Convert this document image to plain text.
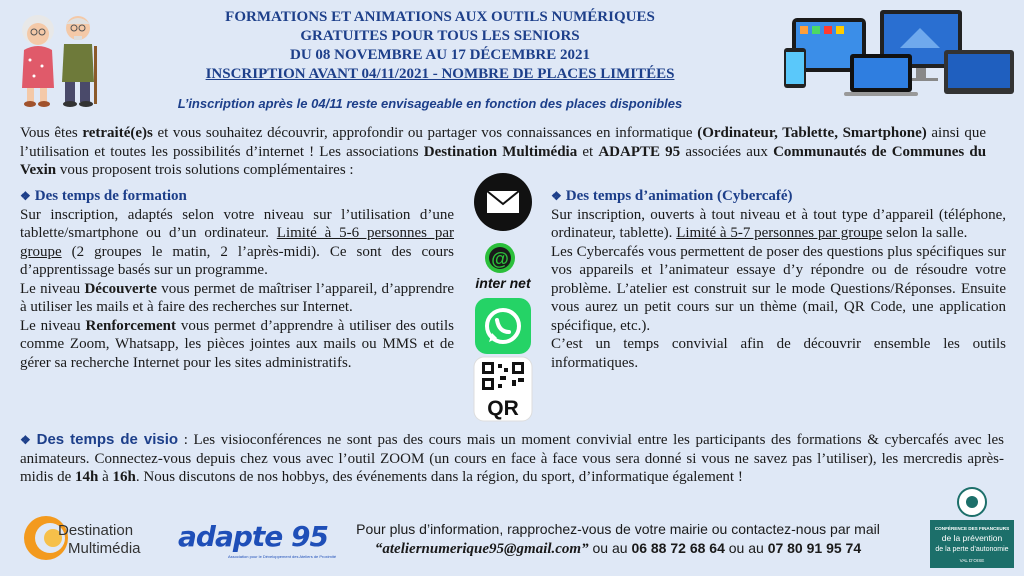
FORMATIONS ET ANIMATIONS AUX OUTILS NUMÉRIQUES
GRATUITES POUR TOUS LES SENIORS
DU 08 NOVEMBRE AU 17 DÉCEMBRE 2021
INSCRIPTION AVANT 04/11/2021 - NOMBRE DE PLACES LIMITÉES
L’inscription après le 04/11 reste envisageable en fonction des places disponibles
Vous êtes retraité(e)s et vous souhaitez découvrir, approfondir ou partager vos connaissances en informatique (Ordinateur, Tablette, Smartphone) ainsi que l’utilisation et toutes les possibilités d’internet ! Les associations Destination Multimédia et ADAPTE 95 associées aux Communautés de Communes du Vexin vous proposent trois solutions complémentaires :
❖ Des temps de formation
Sur inscription, adaptés selon votre niveau sur l’utilisation d’une tablette/smartphone ou d’un ordinateur. Limité à 5-6 personnes par groupe (2 groupes le matin, 2 l’après-midi). Ce sont des cours d’apprentissage basés sur un programme.
Le niveau Découverte vous permet de maîtriser l’appareil, d’apprendre à utiliser les mails et à faire des recherches sur Internet.
Le niveau Renforcement vous permet d’apprendre à utiliser des outils comme Zoom, Whatsapp, les pièces jointes aux mails ou MMS et de gérer sa recherche Internet pour les sites administratifs.
@
inter net
QR
❖ Des temps d’animation (Cybercafé)
Sur inscription, ouverts à tout niveau et à tout type d’appareil (téléphone, ordinateur, tablette). Limité à 5-7 personnes par groupe selon la salle.
Les Cybercafés vous permettent de poser des questions plus spécifiques sur vos appareils et l’animateur essaye d’y répondre ou de résoudre votre problème. L’atelier est construit sur le mode Questions/Réponses. Ensuite vous aurez un petit cours sur un thème (mail, QR Code, une application spécifique, etc.).
C’est un temps convivial afin de découvrir ensemble les outils informatiques.
❖ Des temps de visio : Les visioconférences ne sont pas des cours mais un moment convivial entre les participants des formations & cybercafés avec les animateurs. Connectez-vous depuis chez vous avec l’outil ZOOM (un cours en face à face vous sera donné si vous ne savez pas l’utiliser), les mercredis après-midis de 14h à 16h. Nous discutons de nos hobbys, des événements dans la région, du sport, d’informatique également !
Destination
Multimédia adapte 95
Association pour le Développement des Ateliers de Proximité
Pour plus d’information, rapprochez-vous de votre mairie ou contactez-nous par mail
“ateliernumerique95@gmail.com” ou au 06 88 72 68 64 ou au 07 80 91 95 74
CONFÉRENCE DES FINANCEURS
de la prévention
de la perte d’autonomie
VAL D’OISE
